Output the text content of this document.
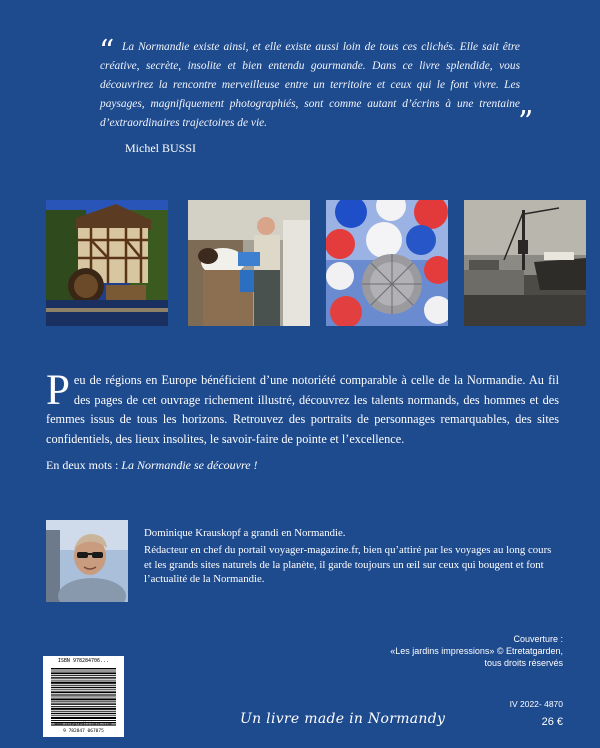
“ La Normandie existe ainsi, et elle existe aussi loin de tous ces clichés. Elle sait être créative, secrète, insolite et bien entendu gourmande. Dans ce livre splendide, vous découvrirez la rencontre merveilleuse entre un territoire et ceux qui le font vivre. Les paysages, magnifiquement photographiés, sont comme autant d’écrins à une trentaine d’extraordinaires trajectoires de vie.	”
Michel BUSSI
Peu de régions en Europe bénéficient d’une notoriété comparable à celle de la Normandie. Au fil des pages de cet ouvrage richement illustré, découvrez les talents normands, des hommes et des femmes issus de tous les horizons. Retrouvez des portraits de personnages remarquables, des sites confidentiels, des lieux insolites, le savoir-faire de pointe et l’excellence.
En deux mots : La Normandie se découvre !

Dominique Krauskopf a grandi en Normandie.

Rédacteur en chef du portail voyager-magazine.fr, bien qu’attiré par les voyages au long cours et les grands sites naturels de la planète, il garde toujours un œil sur ceux qui bougent et font l’actualité de la Normandie.

ISBN 978284706...
9 782847 067075
www.orep-editions.com
Couverture :
«Les jardins impressions» © Etretatgarden,
tous droits réservés
IV 2022- 4870
26 €
Un livre made in Normandy
